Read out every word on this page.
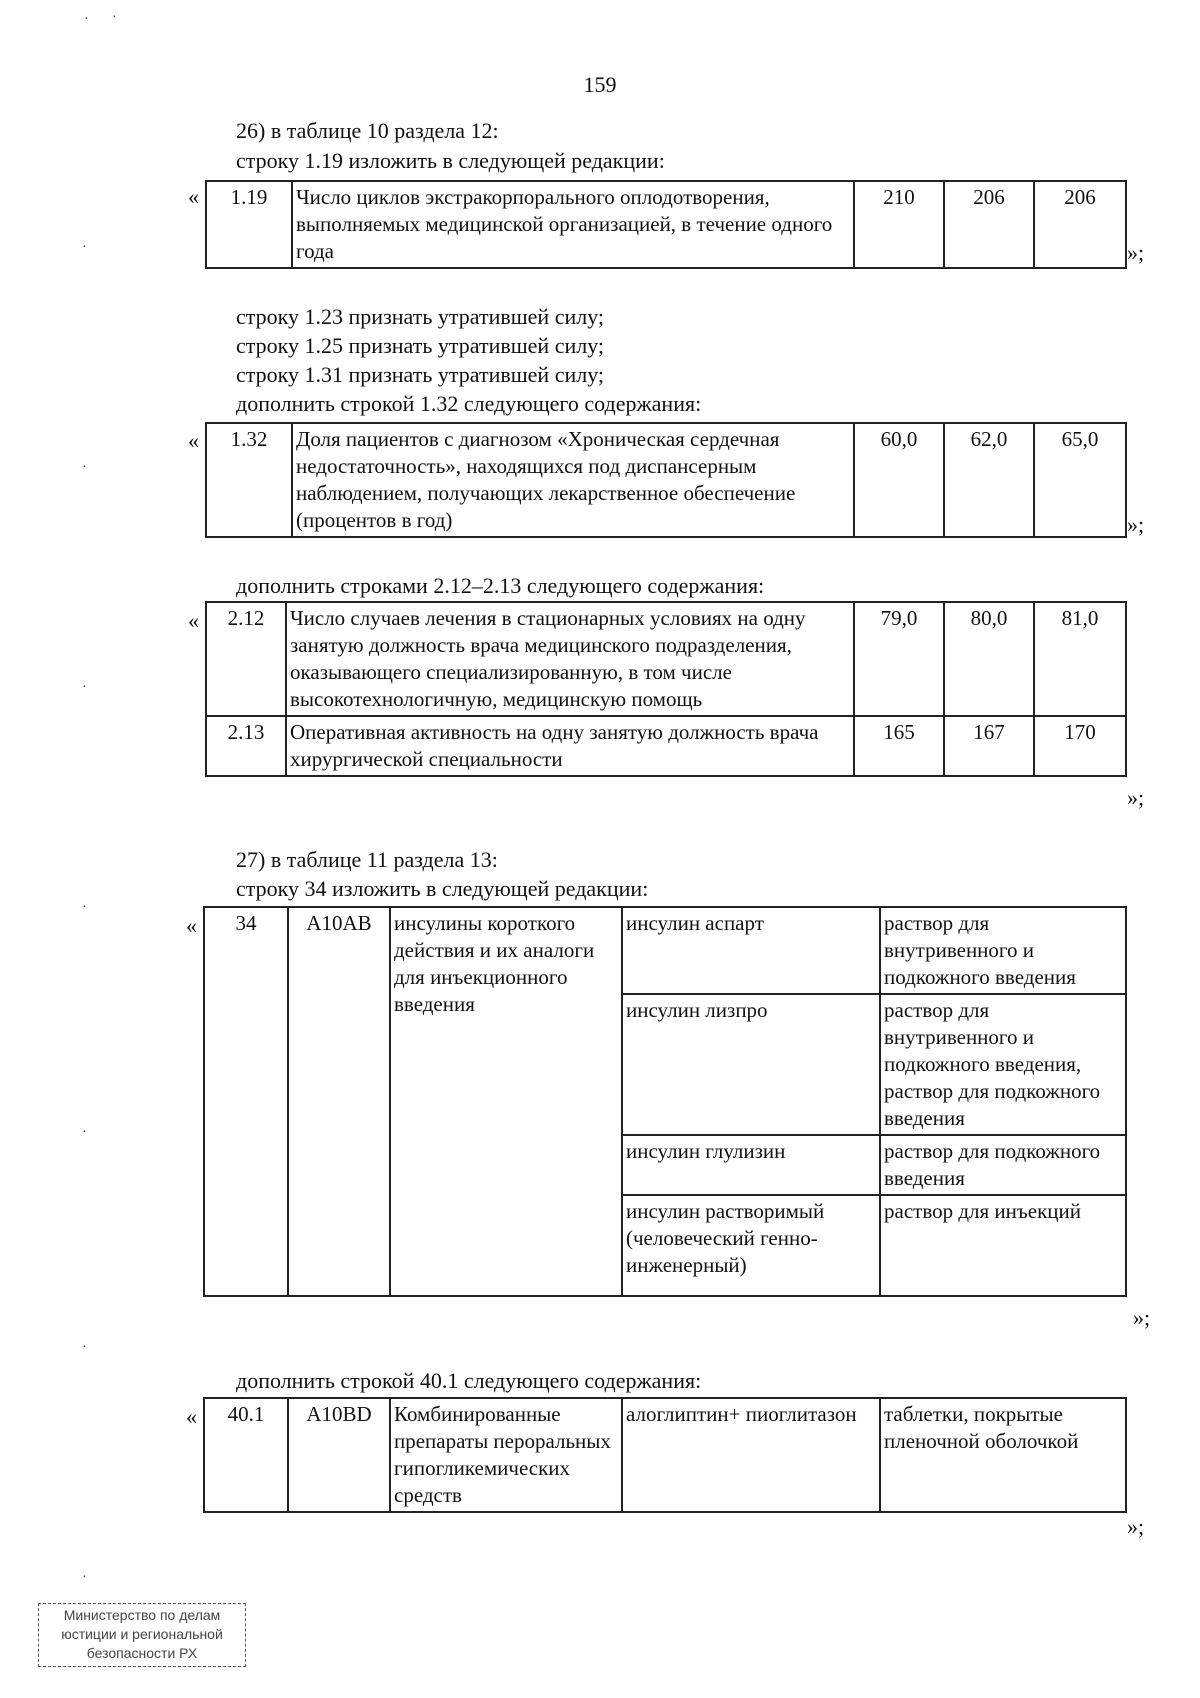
· ·
·
·
·
·
·
·
·
159
26) в таблице 10 раздела 12:
строку 1.19 изложить в следующей редакции:
« 1.19	Число циклов экстракорпорального оплодотворения, выполняемых медицинской организацией, в течение одного года	210	206	206
»;
строку 1.23 признать утратившей силу;
строку 1.25 признать утратившей силу;
строку 1.31 признать утратившей силу;
дополнить строкой 1.32 следующего содержания:
« 1.32	Доля пациентов с диагнозом «Хроническая сердечная недостаточность», находящихся под диспансерным наблюдением, получающих лекарственное обеспечение (процентов в год)	60,0	62,0	65,0
»;
дополнить строками 2.12–2.13 следующего содержания:
« 2.12	Число случаев лечения в стационарных условиях на одну занятую должность врача медицинского подразделения, оказывающего специализированную, в том числе высокотехнологичную, медицинскую помощь	79,0	80,0	81,0
2.13	Оперативная активность на одну занятую должность врача хирургической специальности	165	167	170
»;
27) в таблице 11 раздела 13:
строку 34 изложить в следующей редакции:
« 34	A10AB	инсулины короткого действия и их аналоги для инъекционного введения	инсулин аспарт	раствор для внутривенного и подкожного введения
			инсулин лизпро	раствор для внутривенного и подкожного введения, раствор для подкожного введения
			инсулин глулизин	раствор для подкожного введения
			инсулин растворимый (человеческий генно-инженерный)	раствор для инъекций
»;
дополнить строкой 40.1 следующего содержания:
« 40.1	A10BD	Комбинированные препараты пероральных гипогликемических средств	алоглиптин+ пиоглитазон	таблетки, покрытые пленочной оболочкой
»;
Министерство по делам юстиции и региональной безопасности РХ
